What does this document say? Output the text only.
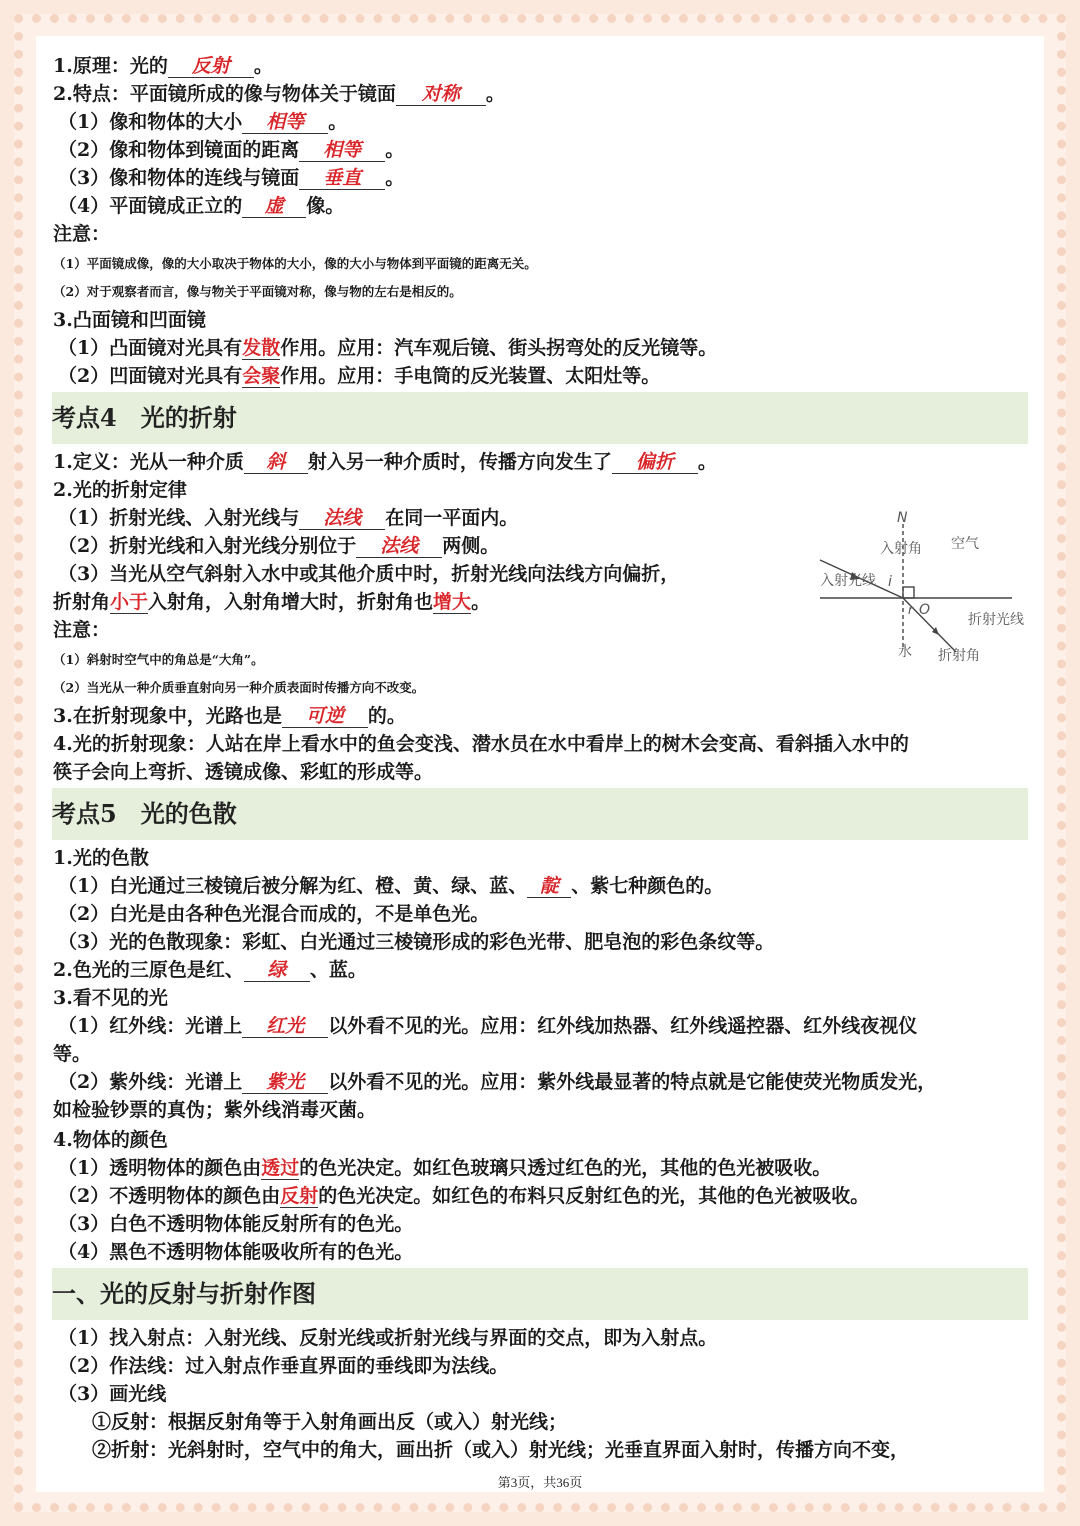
1.原理：光的 反射 。
2.特点：平面镜所成的像与物体关于镜面 对称 。
（1）像和物体的大小 相等 。
（2）像和物体到镜面的距离 相等 。
（3）像和物体的连线与镜面 垂直 。
（4）平面镜成正立的 虚 像。
注意：
（1）平面镜成像，像的大小取决于物体的大小，像的大小与物体到平面镜的距离无关。
（2）对于观察者而言，像与物关于平面镜对称，像与物的左右是相反的。
3.凸面镜和凹面镜
（1）凸面镜对光具有发散作用。应用：汽车观后镜、街头拐弯处的反光镜等。
（2）凹面镜对光具有会聚作用。应用：手电筒的反光装置、太阳灶等。
考点4　光的折射
1.定义：光从一种介质 斜 射入另一种介质时，传播方向发生了 偏折 。
2.光的折射定律
（1）折射光线、入射光线与 法线 在同一平面内。
（2）折射光线和入射光线分别位于 法线 两侧。
（3）当光从空气斜射入水中或其他介质中时，折射光线向法线方向偏折，
折射角小于入射角，入射角增大时，折射角也增大。
注意：
（1）斜射时空气中的角总是“大角”。
（2）当光从一种介质垂直射向另一种介质表面时传播方向不改变。
3.在折射现象中，光路也是 可逆 的。
4.光的折射现象：人站在岸上看水中的鱼会变浅、潜水员在水中看岸上的树木会变高、看斜插入水中的
筷子会向上弯折、透镜成像、彩虹的形成等。
N
空气
入射角
入射光线 i
O
r
折射光线
水 折射角
考点5　光的色散
1.光的色散
（1）白光通过三棱镜后被分解为红、橙、黄、绿、蓝、 靛 、紫七种颜色的。
（2）白光是由各种色光混合而成的，不是单色光。
（3）光的色散现象：彩虹、白光通过三棱镜形成的彩色光带、肥皂泡的彩色条纹等。
2.色光的三原色是红、 绿 、蓝。
3.看不见的光
（1）红外线：光谱上 红光 以外看不见的光。应用：红外线加热器、红外线遥控器、红外线夜视仪
等。
（2）紫外线：光谱上 紫光 以外看不见的光。应用：紫外线最显著的特点就是它能使荧光物质发光，
如检验钞票的真伪；紫外线消毒灭菌。
4.物体的颜色
（1）透明物体的颜色由透过的色光决定。如红色玻璃只透过红色的光，其他的色光被吸收。
（2）不透明物体的颜色由反射的色光决定。如红色的布料只反射红色的光，其他的色光被吸收。
（3）白色不透明物体能反射所有的色光。
（4）黑色不透明物体能吸收所有的色光。
一、光的反射与折射作图
（1）找入射点：入射光线、反射光线或折射光线与界面的交点，即为入射点。
（2）作法线：过入射点作垂直界面的垂线即为法线。
（3）画光线
①反射：根据反射角等于入射角画出反（或入）射光线；
②折射：光斜射时，空气中的角大，画出折（或入）射光线；光垂直界面入射时，传播方向不变，
第3页，共36页
